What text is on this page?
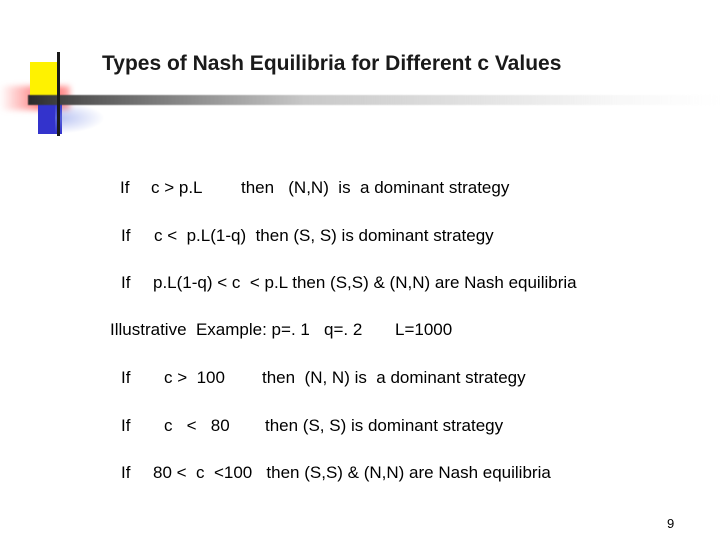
Types of Nash Equilibria for Different c Values
If c > p.L then   (N,N)  is  a dominant strategy
If c <  p.L(1-q)  then (S, S) is dominant strategy
If p.L(1-q) < c  < p.L then (S,S) & (N,N) are Nash equilibria
Illustrative  Example: p=. 1   q=. 2 L=1000
If c >  100 then  (N, N) is  a dominant strategy
If c   <   80 then (S, S) is dominant strategy
If 80 <  c  <100   then (S,S) & (N,N) are Nash equilibria
9
